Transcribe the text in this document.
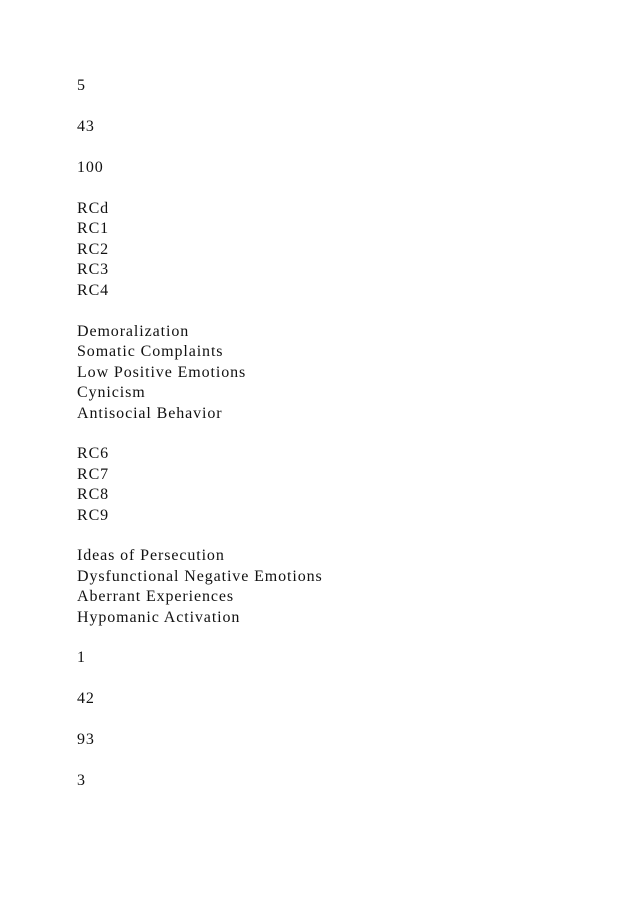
5
43
100
RCd
RC1
RC2
RC3
RC4
Demoralization
Somatic Complaints
Low Positive Emotions
Cynicism
Antisocial Behavior
RC6
RC7
RC8
RC9
Ideas of Persecution
Dysfunctional Negative Emotions
Aberrant Experiences
Hypomanic Activation
1
42
93
3
